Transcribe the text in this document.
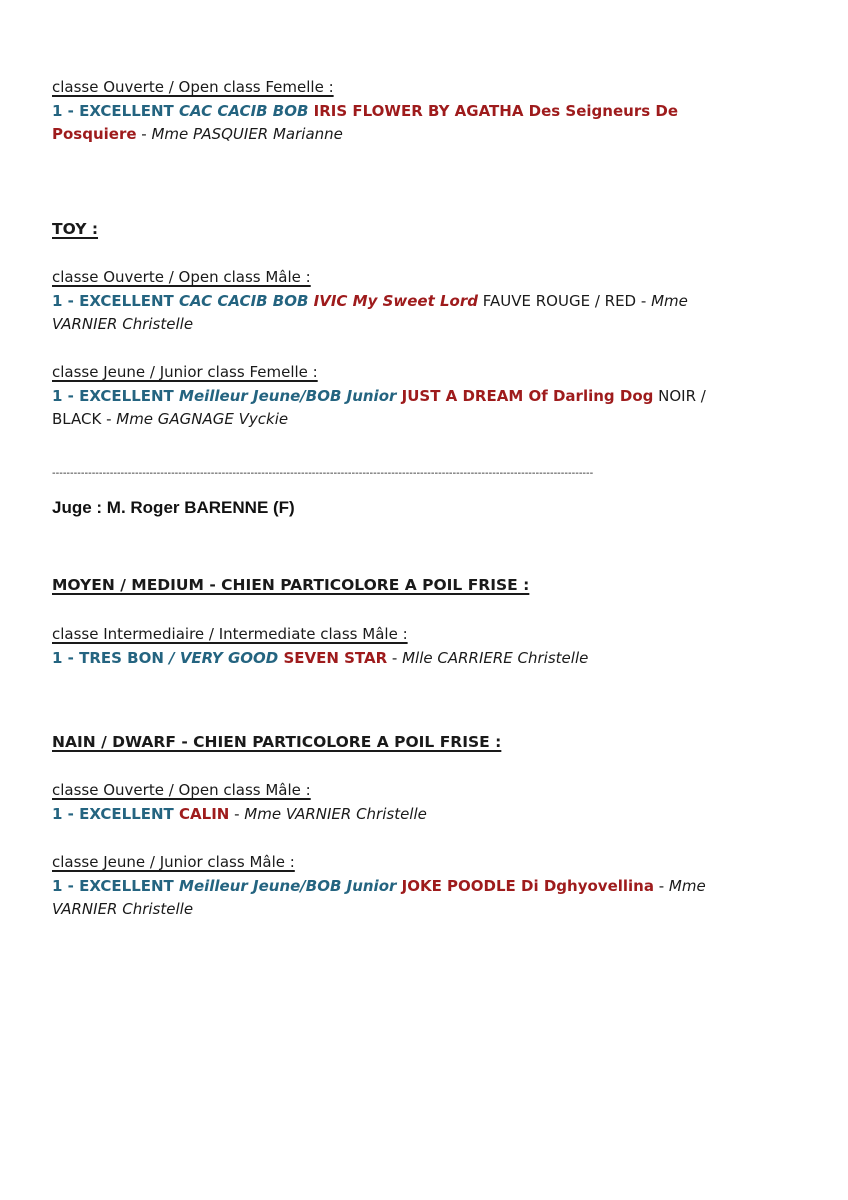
classe Ouverte / Open class Femelle :
1 - EXCELLENT CAC CACIB BOB IRIS FLOWER BY AGATHA Des Seigneurs De
Posquiere - Mme PASQUIER Marianne
TOY :
classe Ouverte / Open class Mâle :
1 - EXCELLENT CAC CACIB BOB IVIC My Sweet Lord FAUVE ROUGE / RED - Mme
VARNIER Christelle
classe Jeune / Junior class Femelle :
1 - EXCELLENT Meilleur Jeune/BOB Junior JUST A DREAM Of Darling Dog NOIR /
BLACK - Mme GAGNAGE Vyckie
------------------------------------------------------------------------------------------------------------------------------------------------------
Juge : M. Roger BARENNE (F)
MOYEN / MEDIUM - CHIEN PARTICOLORE A POIL FRISE :
classe Intermediaire / Intermediate class Mâle :
1 - TRES BON / VERY GOOD SEVEN STAR - Mlle CARRIERE Christelle
NAIN / DWARF - CHIEN PARTICOLORE A POIL FRISE :
classe Ouverte / Open class Mâle :
1 - EXCELLENT CALIN - Mme VARNIER Christelle
classe Jeune / Junior class Mâle :
1 - EXCELLENT Meilleur Jeune/BOB Junior JOKE POODLE Di Dghyovellina - Mme
VARNIER Christelle
